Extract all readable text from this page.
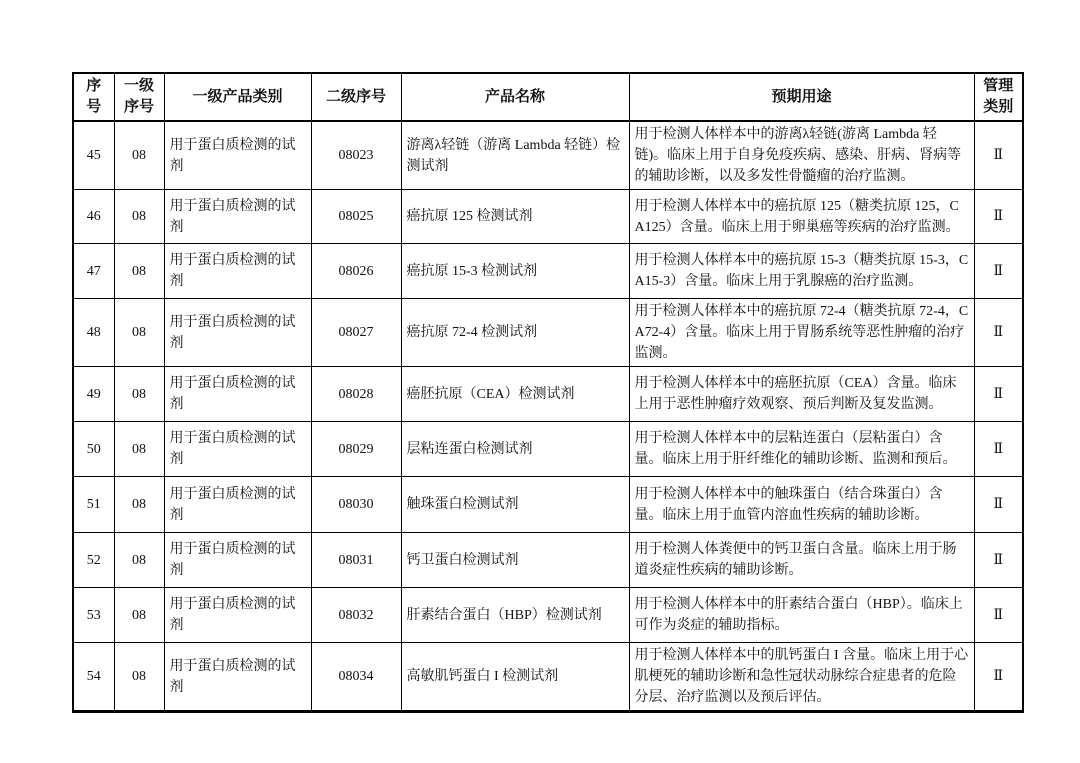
序号	一级序号	一级产品类别	二级序号	产品名称	预期用途	管理类别
45	08	用于蛋白质检测的试剂	08023	游离λ轻链（游离 Lambda 轻链）检测试剂	用于检测人体样本中的游离λ轻链(游离 Lambda 轻链)。临床上用于自身免疫疾病、感染、肝病、肾病等的辅助诊断，以及多发性骨髓瘤的治疗监测。	Ⅱ
46	08	用于蛋白质检测的试剂	08025	癌抗原 125 检测试剂	用于检测人体样本中的癌抗原 125（糖类抗原 125，CA125）含量。临床上用于卵巢癌等疾病的治疗监测。	Ⅱ
47	08	用于蛋白质检测的试剂	08026	癌抗原 15-3 检测试剂	用于检测人体样本中的癌抗原 15-3（糖类抗原 15-3，CA15-3）含量。临床上用于乳腺癌的治疗监测。	Ⅱ
48	08	用于蛋白质检测的试剂	08027	癌抗原 72-4 检测试剂	用于检测人体样本中的癌抗原 72-4（糖类抗原 72-4，CA72-4）含量。临床上用于胃肠系统等恶性肿瘤的治疗监测。	Ⅱ
49	08	用于蛋白质检测的试剂	08028	癌胚抗原（CEA）检测试剂	用于检测人体样本中的癌胚抗原（CEA）含量。临床上用于恶性肿瘤疗效观察、预后判断及复发监测。	Ⅱ
50	08	用于蛋白质检测的试剂	08029	层粘连蛋白检测试剂	用于检测人体样本中的层粘连蛋白（层粘蛋白）含量。临床上用于肝纤维化的辅助诊断、监测和预后。	Ⅱ
51	08	用于蛋白质检测的试剂	08030	触珠蛋白检测试剂	用于检测人体样本中的触珠蛋白（结合珠蛋白）含量。临床上用于血管内溶血性疾病的辅助诊断。	Ⅱ
52	08	用于蛋白质检测的试剂	08031	钙卫蛋白检测试剂	用于检测人体粪便中的钙卫蛋白含量。临床上用于肠道炎症性疾病的辅助诊断。	Ⅱ
53	08	用于蛋白质检测的试剂	08032	肝素结合蛋白（HBP）检测试剂	用于检测人体样本中的肝素结合蛋白（HBP）。临床上可作为炎症的辅助指标。	Ⅱ
54	08	用于蛋白质检测的试剂	08034	高敏肌钙蛋白 I 检测试剂	用于检测人体样本中的肌钙蛋白 I 含量。临床上用于心肌梗死的辅助诊断和急性冠状动脉综合症患者的危险分层、治疗监测以及预后评估。	Ⅱ
